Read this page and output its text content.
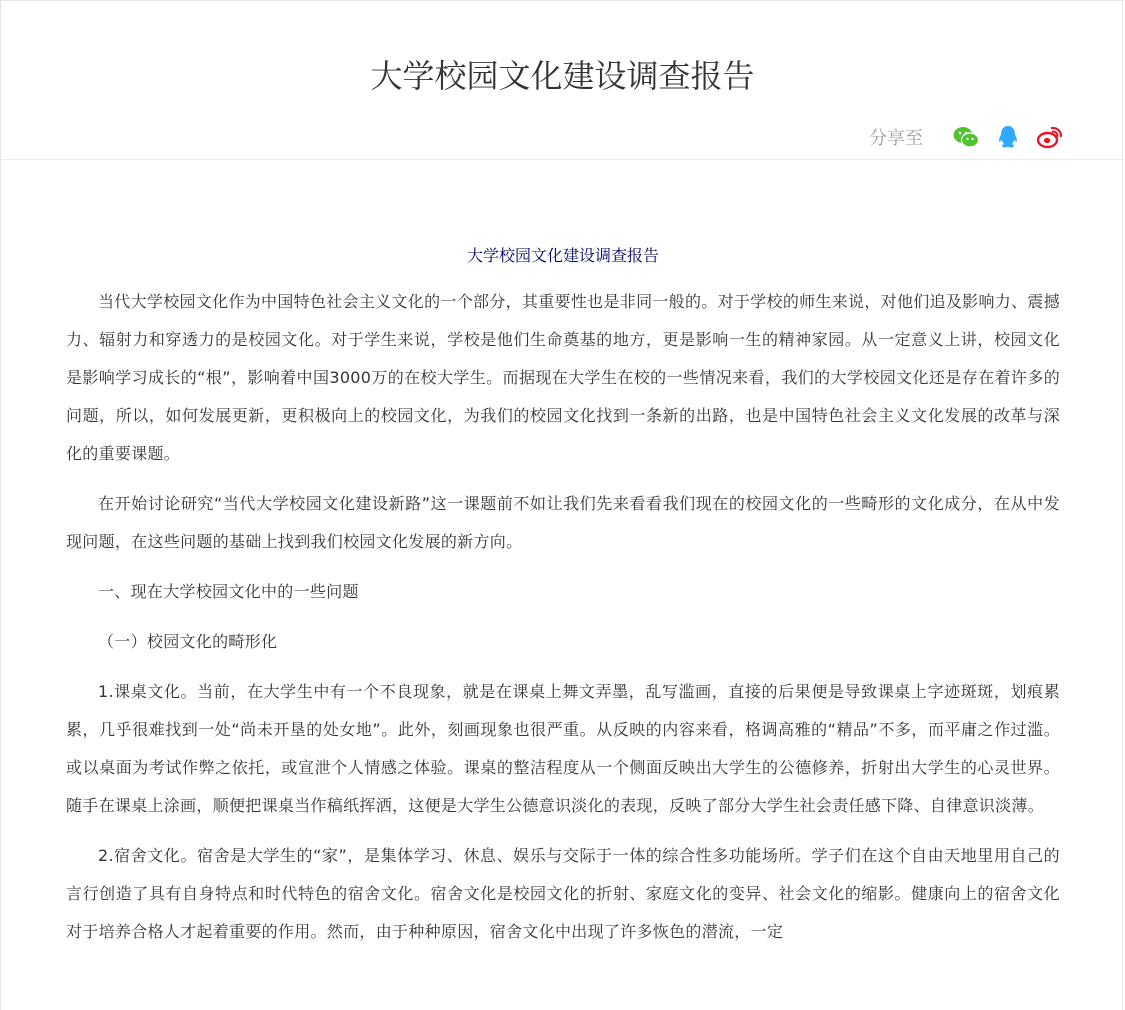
大学校园文化建设调查报告
分享至
大学校园文化建设调查报告

当代大学校园文化作为中国特色社会主义文化的一个部分，其重要性也是非同一般的。对于学校的师生来说，对他们追及影响力、震撼力、辐射力和穿透力的是校园文化。对于学生来说，学校是他们生命奠基的地方，更是影响一生的精神家园。从一定意义上讲，校园文化是影响学习成长的“根”，影响着中国3000万的在校大学生。而据现在大学生在校的一些情况来看，我们的大学校园文化还是存在着许多的问题，所以，如何发展更新，更积极向上的校园文化，为我们的校园文化找到一条新的出路，也是中国特色社会主义文化发展的改革与深化的重要课题。

在开始讨论研究“当代大学校园文化建设新路”这一课题前不如让我们先来看看我们现在的校园文化的一些畸形的文化成分，在从中发现问题，在这些问题的基础上找到我们校园文化发展的新方向。

一、现在大学校园文化中的一些问题

（一）校园文化的畸形化

1.课桌文化。当前，在大学生中有一个不良现象，就是在课桌上舞文弄墨，乱写滥画，直接的后果便是导致课桌上字迹斑斑，划痕累累，几乎很难找到一处“尚未开垦的处女地”。此外，刻画现象也很严重。从反映的内容来看，格调高雅的“精品”不多，而平庸之作过滥。或以桌面为考试作弊之依托，或宣泄个人情感之体验。课桌的整洁程度从一个侧面反映出大学生的公德修养，折射出大学生的心灵世界。随手在课桌上涂画，顺便把课桌当作稿纸挥洒，这便是大学生公德意识淡化的表现，反映了部分大学生社会责任感下降、自律意识淡薄。

2.宿舍文化。宿舍是大学生的“家”，是集体学习、休息、娱乐与交际于一体的综合性多功能场所。学子们在这个自由天地里用自己的言行创造了具有自身特点和时代特色的宿舍文化。宿舍文化是校园文化的折射、家庭文化的变异、社会文化的缩影。健康向上的宿舍文化对于培养合格人才起着重要的作用。然而，由于种种原因，宿舍文化中出现了许多恢色的潜流，一定
